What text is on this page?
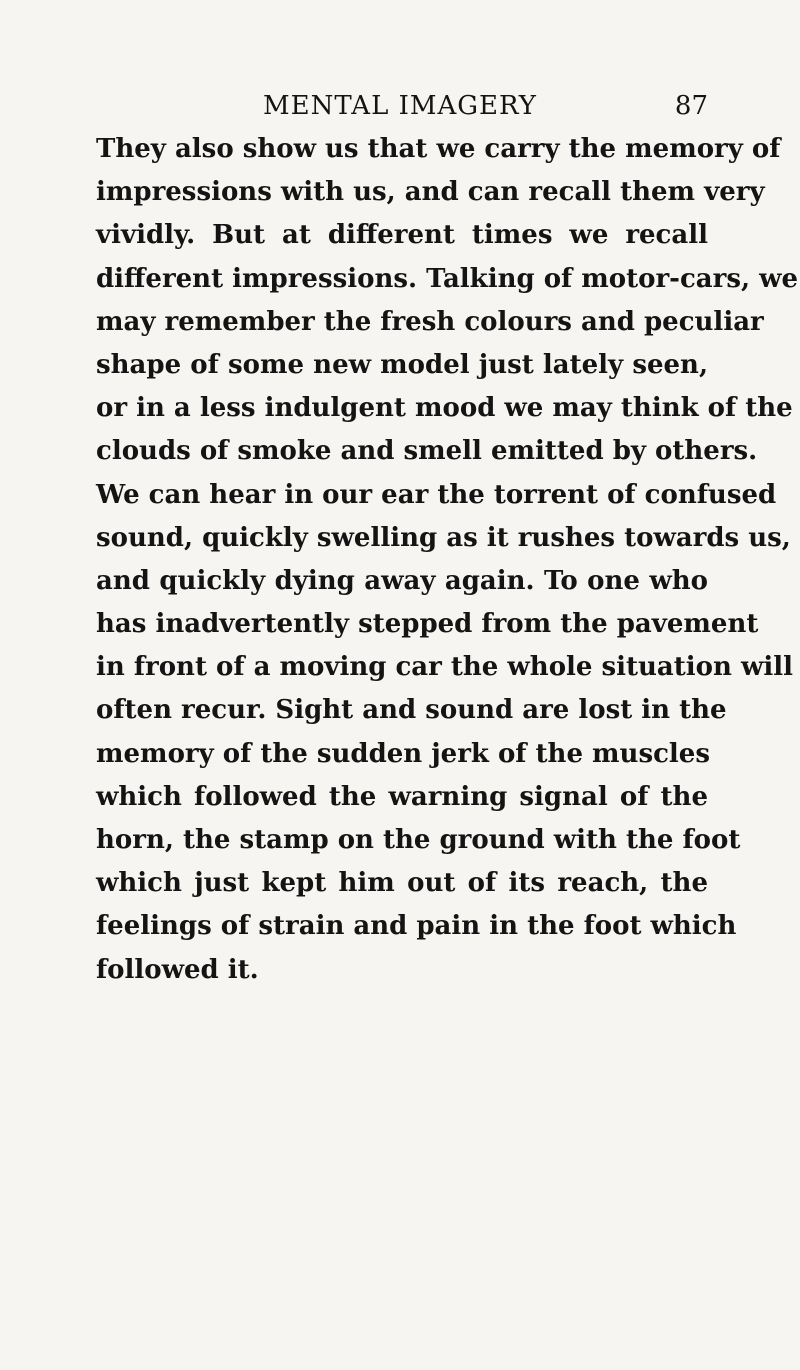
MENTAL IMAGERY	87
They also show us that we carry the memory of
impressions with us, and can recall them very
vividly. But at different times we recall
different impressions. Talking of motor-cars, we
may remember the fresh colours and peculiar
shape of some new model just lately seen,
or in a less indulgent mood we may think of the
clouds of smoke and smell emitted by others.
We can hear in our ear the torrent of confused
sound, quickly swelling as it rushes towards us,
and quickly dying away again. To one who
has inadvertently stepped from the pavement
in front of a moving car the whole situation will
often recur. Sight and sound are lost in the
memory of the sudden jerk of the muscles
which followed the warning signal of the
horn, the stamp on the ground with the foot
which just kept him out of its reach, the
feelings of strain and pain in the foot which
followed it.
